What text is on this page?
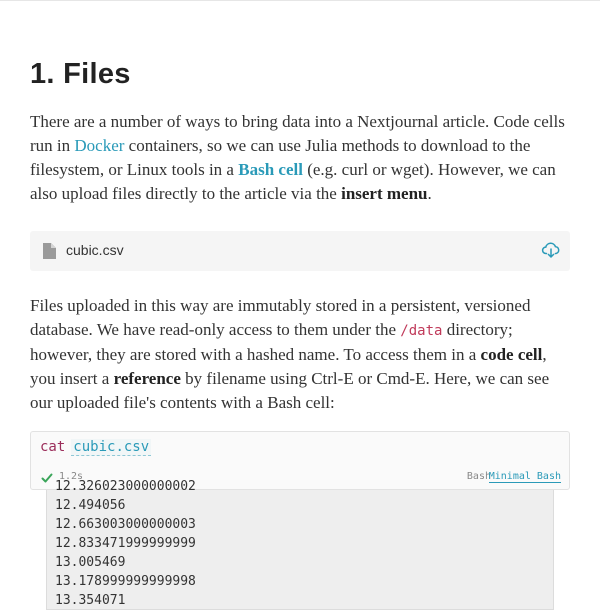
1. Files

There are a number of ways to bring data into a Nextjournal article. Code cells run in Docker containers, so we can use Julia methods to download to the filesystem, or Linux tools in a Bash cell (e.g. curl or wget). However, we can also upload files directly to the article via the insert menu.

cubic.csv

Files uploaded in this way are immutably stored in a persistent, versioned database. We have read-only access to them under the /data directory; however, they are stored with a hashed name. To access them in a code cell, you insert a reference by filename using Ctrl-E or Cmd-E. Here, we can see our uploaded file's contents with a Bash cell:

cat cubic.csv
1.2s	Bash
Minimal Bash
12.326023000000002
12.494056
12.663003000000003
12.833471999999999
13.005469
13.178999999999998
13.354071
